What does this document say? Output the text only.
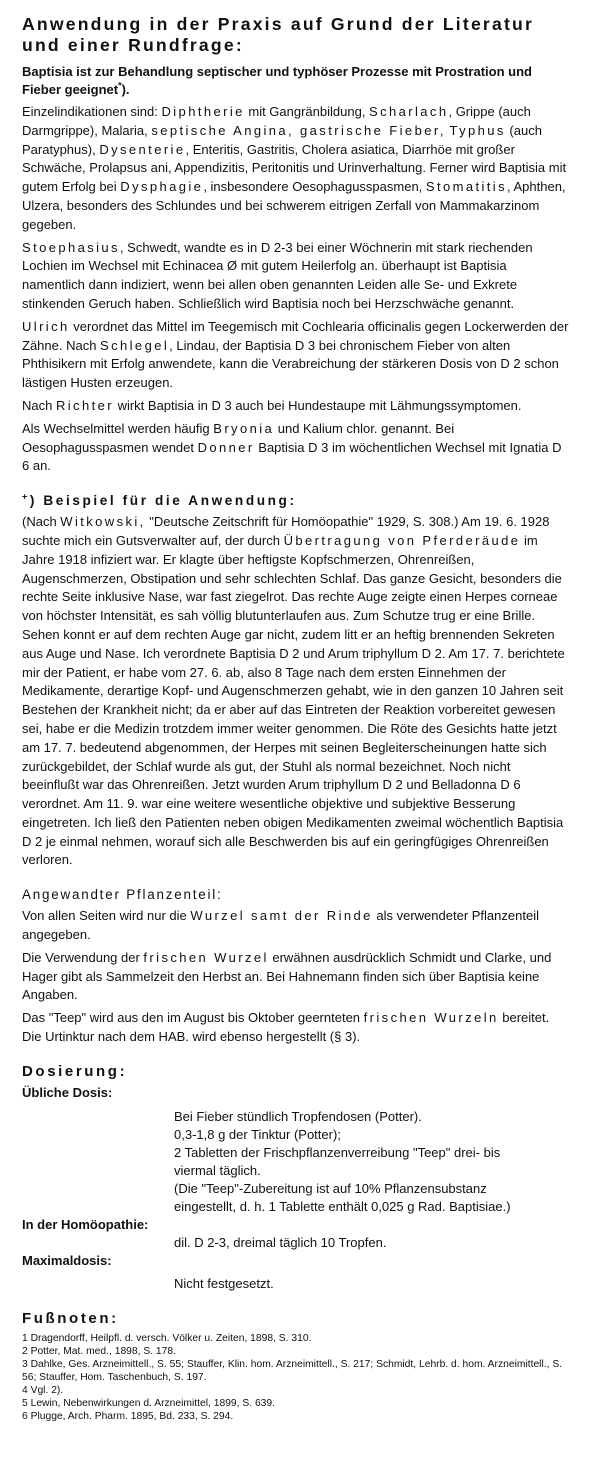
Anwendung in der Praxis auf Grund der Literatur
und einer Rundfrage:
Baptisia ist zur Behandlung septischer und typhöser Prozesse mit Prostration und Fieber geeignet*).

Einzelindikationen sind: Diphtherie mit Gangränbildung, Scharlach, Grippe (auch Darmgrippe), Malaria, septische Angina, gastrische Fieber, Typhus (auch Paratyphus), Dysenterie, Enteritis, Gastritis, Cholera asiatica, Diarrhöe mit großer Schwäche, Prolapsus ani, Appendizitis, Peritonitis und Urinverhaltung. Ferner wird Baptisia mit gutem Erfolg bei Dysphagie, insbesondere Oesophagusspasmen, Stomatitis, Aphthen, Ulzera, besonders des Schlundes und bei schwerem eitrigen Zerfall von Mammakarzinom gegeben.

Stoephasius, Schwedt, wandte es in D 2-3 bei einer Wöchnerin mit stark riechenden Lochien im Wechsel mit Echinacea Ø mit gutem Heilerfolg an. überhaupt ist Baptisia namentlich dann indiziert, wenn bei allen oben genannten Leiden alle Se- und Exkrete stinkenden Geruch haben. Schließlich wird Baptisia noch bei Herzschwäche genannt.

Ulrich verordnet das Mittel im Teegemisch mit Cochlearia officinalis gegen Lockerwerden der Zähne. Nach Schlegel, Lindau, der Baptisia D 3 bei chronischem Fieber von alten Phthisikern mit Erfolg anwendete, kann die Verabreichung der stärkeren Dosis von D 2 schon lästigen Husten erzeugen.

Nach Richter wirkt Baptisia in D 3 auch bei Hundestaupe mit Lähmungssymptomen.

Als Wechselmittel werden häufig Bryonia und Kalium chlor. genannt. Bei Oesophagusspasmen wendet Donner Baptisia D 3 im wöchentlichen Wechsel mit Ignatia D 6 an.

+) Beispiel für die Anwendung:

(Nach Witkowski, "Deutsche Zeitschrift für Homöopathie" 1929, S. 308.) Am 19. 6. 1928 suchte mich ein Gutsverwalter auf, der durch Übertragung von Pferderäude im Jahre 1918 infiziert war. Er klagte über heftigste Kopfschmerzen, Ohrenreißen, Augenschmerzen, Obstipation und sehr schlechten Schlaf. Das ganze Gesicht, besonders die rechte Seite inklusive Nase, war fast ziegelrot. Das rechte Auge zeigte einen Herpes corneae von höchster Intensität, es sah völlig blutunterlaufen aus. Zum Schutze trug er eine Brille. Sehen konnt er auf dem rechten Auge gar nicht, zudem litt er an heftig brennenden Sekreten aus Auge und Nase. Ich verordnete Baptisia D 2 und Arum triphyllum D 2. Am 17. 7. berichtete mir der Patient, er habe vom 27. 6. ab, also 8 Tage nach dem ersten Einnehmen der Medikamente, derartige Kopf- und Augenschmerzen gehabt, wie in den ganzen 10 Jahren seit Bestehen der Krankheit nicht; da er aber auf das Eintreten der Reaktion vorbereitet gewesen sei, habe er die Medizin trotzdem immer weiter genommen. Die Röte des Gesichts hatte jetzt am 17. 7. bedeutend abgenommen, der Herpes mit seinen Begleiterscheinungen hatte sich zurückgebildet, der Schlaf wurde als gut, der Stuhl als normal bezeichnet. Noch nicht beeinflußt war das Ohrenreißen. Jetzt wurden Arum triphyllum D 2 und Belladonna D 6 verordnet. Am 11. 9. war eine weitere wesentliche objektive und subjektive Besserung eingetreten. Ich ließ den Patienten neben obigen Medikamenten zweimal wöchentlich Baptisia D 2 je einmal nehmen, worauf sich alle Beschwerden bis auf ein geringfügiges Ohrenreißen verloren.

Angewandter Pflanzenteil:

Von allen Seiten wird nur die Wurzel samt der Rinde als verwendeter Pflanzenteil angegeben.

Die Verwendung der frischen Wurzel erwähnen ausdrücklich Schmidt und Clarke, und Hager gibt als Sammelzeit den Herbst an. Bei Hahnemann finden sich über Baptisia keine Angaben.

Das "Teep" wird aus den im August bis Oktober geernteten frischen Wurzeln bereitet. Die Urtinktur nach dem HAB. wird ebenso hergestellt (§ 3).

Dosierung:
Übliche Dosis:

Bei Fieber stündlich Tropfendosen (Potter).

0,3-1,8 g der Tinktur (Potter);

2 Tabletten der Frischpflanzenverreibung "Teep" drei- bis

viermal täglich.

(Die "Teep"-Zubereitung ist auf 10% Pflanzensubstanz

eingestellt, d. h. 1 Tablette enthält 0,025 g Rad. Baptisiae.)

In der Homöopathie:

dil. D 2-3, dreimal täglich 10 Tropfen.

Maximaldosis:

Nicht festgesetzt.

Fußnoten:
1 Dragendorff, Heilpfl. d. versch. Völker u. Zeiten, 1898, S. 310.
2 Potter, Mat. med., 1898, S. 178.
3 Dahlke, Ges. Arzneimittell., S. 55; Stauffer, Klin. hom. Arzneimittell., S. 217; Schmidt, Lehrb. d. hom. Arzneimittell., S. 56; Stauffer, Hom. Taschenbuch, S. 197.
4 Vgl. 2).
5 Lewin, Nebenwirkungen d. Arzneimittel, 1899, S. 639.
6 Plugge, Arch. Pharm. 1895, Bd. 233, S. 294.
